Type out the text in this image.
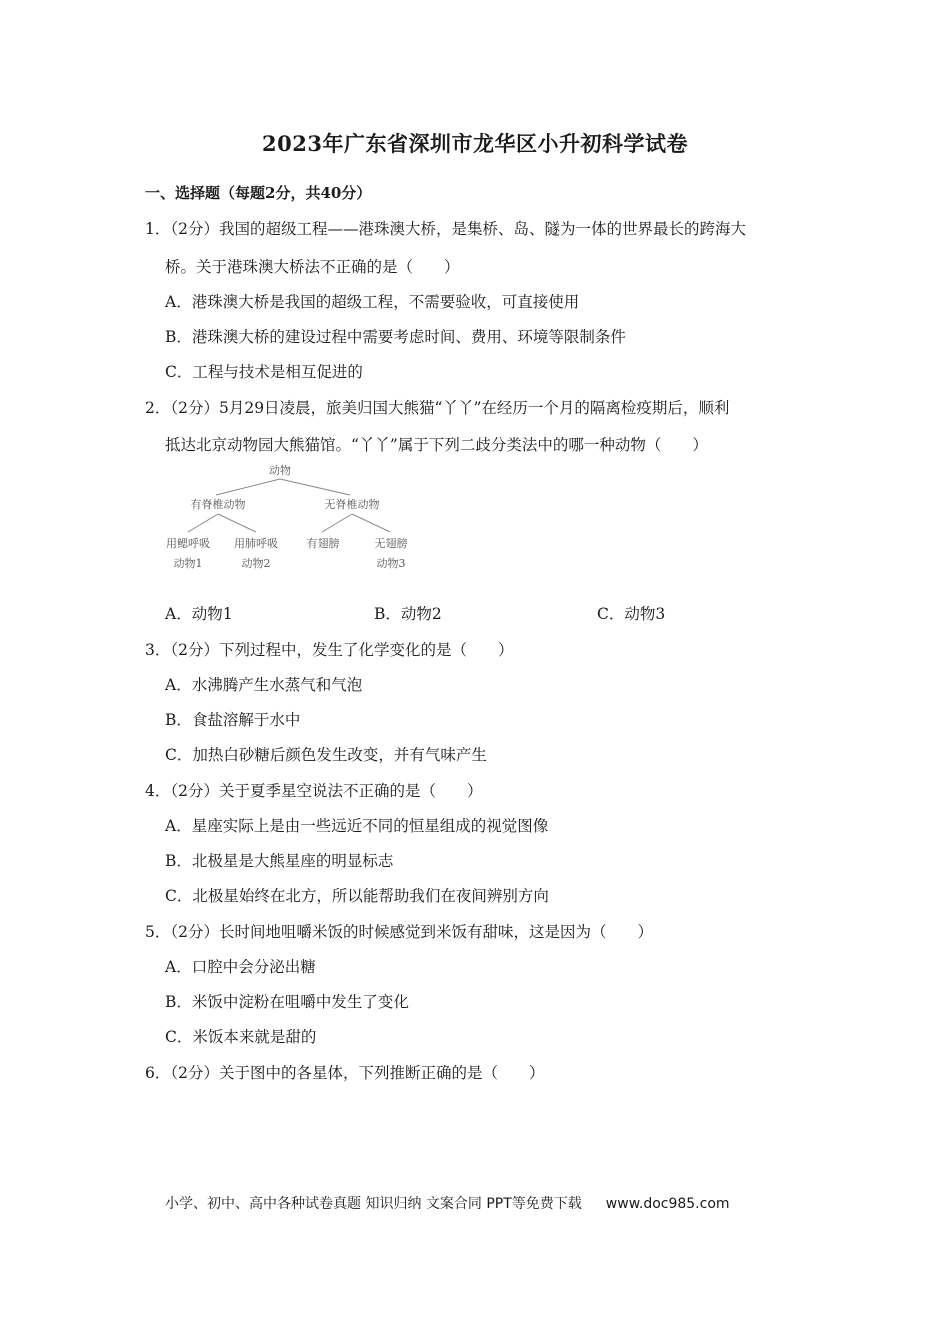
2023年广东省深圳市龙华区小升初科学试卷
一、选择题（每题2分，共40分）
1．（2分）我国的超级工程——港珠澳大桥，是集桥、岛、隧为一体的世界最长的跨海大
桥。关于港珠澳大桥法不正确的是（　　）
A．港珠澳大桥是我国的超级工程，不需要验收，可直接使用
B．港珠澳大桥的建设过程中需要考虑时间、费用、环境等限制条件
C．工程与技术是相互促进的
2．（2分）5月29日凌晨，旅美归国大熊猫“丫丫”在经历一个月的隔离检疫期后，顺利
抵达北京动物园大熊猫馆。“丫丫”属于下列二歧分类法中的哪一种动物（　　）
动物
有脊椎动物	无脊椎动物
用鳃呼吸
动物1
用肺呼吸
动物2
有翅膀	无翅膀
动物3
A．动物1	B．动物2	C．动物3
3．（2分）下列过程中，发生了化学变化的是（　　）
A．水沸腾产生水蒸气和气泡
B．食盐溶解于水中
C．加热白砂糖后颜色发生改变，并有气味产生
4．（2分）关于夏季星空说法不正确的是（　　）
A．星座实际上是由一些远近不同的恒星组成的视觉图像
B．北极星是大熊星座的明显标志
C．北极星始终在北方，所以能帮助我们在夜间辨别方向
5．（2分）长时间地咀嚼米饭的时候感觉到米饭有甜味，这是因为（　　）
A．口腔中会分泌出糖
B．米饭中淀粉在咀嚼中发生了变化
C．米饭本来就是甜的
6．（2分）关于图中的各星体，下列推断正确的是（　　）
小学、初中、高中各种试卷真题 知识归纳 文案合同 PPT等免费下载 www.doc985.com
